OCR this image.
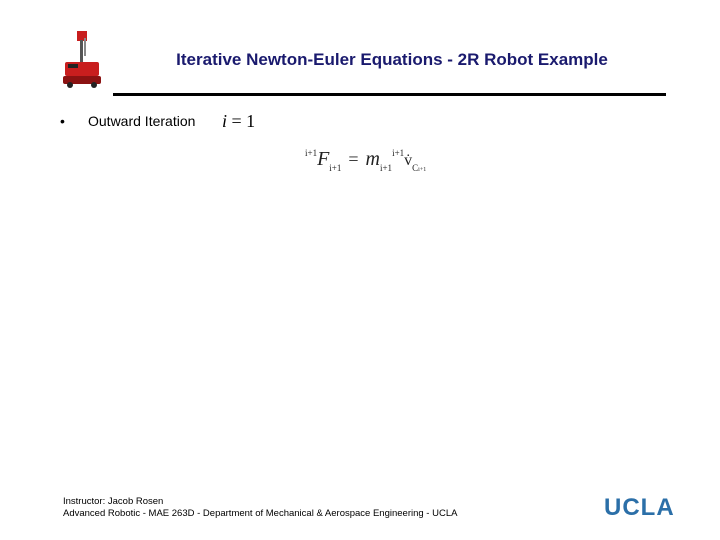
Iterative Newton-Euler Equations - 2R Robot Example
• Outward Iteration i = 1
$^{i+1}F_{i+1}$ = $m_{i+1}^{i+1}v̇_{Ci+1}$
Instructor: Jacob Rosen
Advanced Robotic - MAE 263D - Department of Mechanical & Aerospace Engineering - UCLA	UCLA
